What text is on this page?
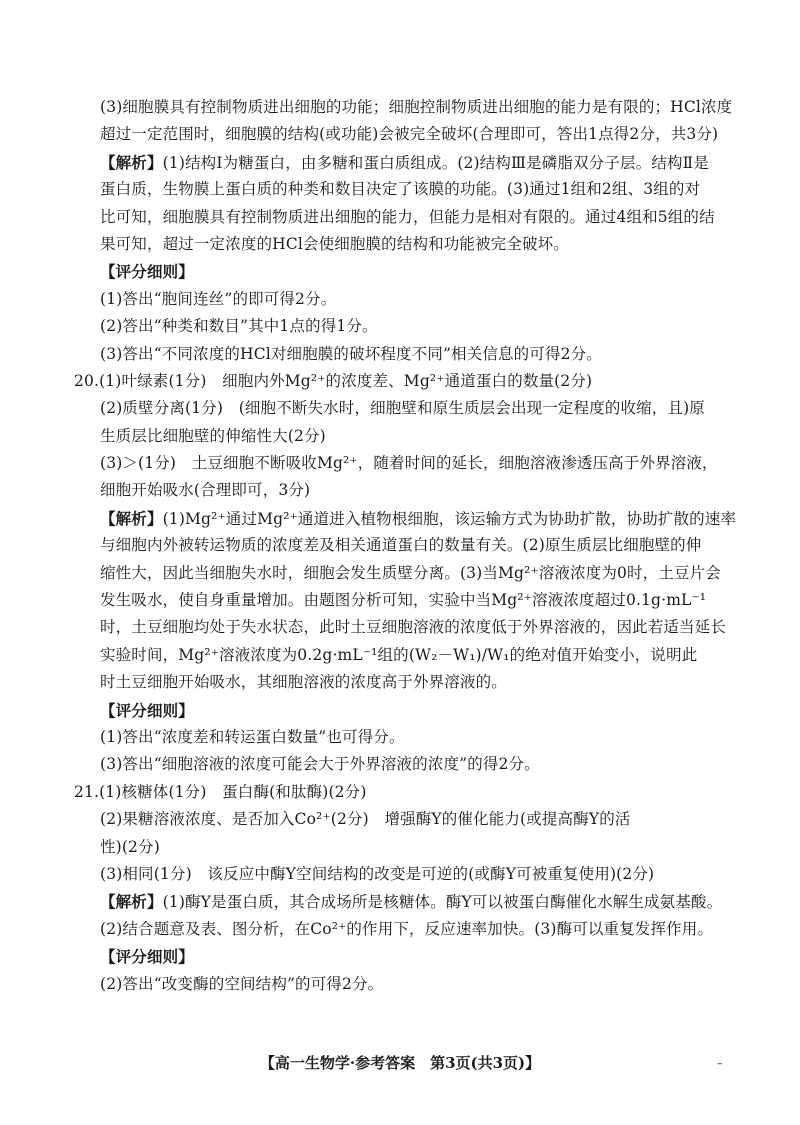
(3)细胞膜具有控制物质进出细胞的功能；细胞控制物质进出细胞的能力是有限的；HCl浓度
超过一定范围时，细胞膜的结构(或功能)会被完全破坏(合理即可，答出1点得2分，共3分)
【解析】(1)结构Ⅰ为糖蛋白，由多糖和蛋白质组成。(2)结构Ⅲ是磷脂双分子层。结构Ⅱ是
蛋白质，生物膜上蛋白质的种类和数目决定了该膜的功能。(3)通过1组和2组、3组的对
比可知，细胞膜具有控制物质进出细胞的能力，但能力是相对有限的。通过4组和5组的结
果可知，超过一定浓度的HCl会使细胞膜的结构和功能被完全破坏。
【评分细则】
(1)答出“胞间连丝”的即可得2分。
(2)答出“种类和数目”其中1点的得1分。
(3)答出“不同浓度的HCl对细胞膜的破坏程度不同”相关信息的可得2分。
20.(1)叶绿素(1分)　细胞内外Mg²⁺的浓度差、Mg²⁺通道蛋白的数量(2分)
(2)质壁分离(1分)　(细胞不断失水时，细胞壁和原生质层会出现一定程度的收缩，且)原
生质层比细胞壁的伸缩性大(2分)
(3)＞(1分)　土豆细胞不断吸收Mg²⁺，随着时间的延长，细胞溶液渗透压高于外界溶液，
细胞开始吸水(合理即可，3分)
【解析】(1)Mg²⁺通过Mg²⁺通道进入植物根细胞，该运输方式为协助扩散，协助扩散的速率
与细胞内外被转运物质的浓度差及相关通道蛋白的数量有关。(2)原生质层比细胞壁的伸
缩性大，因此当细胞失水时，细胞会发生质壁分离。(3)当Mg²⁺溶液浓度为0时，土豆片会
发生吸水，使自身重量增加。由题图分析可知，实验中当Mg²⁺溶液浓度超过0.1g·mL⁻¹
时，土豆细胞均处于失水状态，此时土豆细胞溶液的浓度低于外界溶液的，因此若适当延长
实验时间，Mg²⁺溶液浓度为0.2g·mL⁻¹组的(W₂－W₁)/W₁的绝对值开始变小，说明此
时土豆细胞开始吸水，其细胞溶液的浓度高于外界溶液的。
【评分细则】
(1)答出“浓度差和转运蛋白数量”也可得分。
(3)答出“细胞溶液的浓度可能会大于外界溶液的浓度”的得2分。
21.(1)核糖体(1分)　蛋白酶(和肽酶)(2分)
(2)果糖溶液浓度、是否加入Co²⁺(2分)　增强酶Y的催化能力(或提高酶Y的活
性)(2分)
(3)相同(1分)　该反应中酶Y空间结构的改变是可逆的(或酶Y可被重复使用)(2分)
【解析】(1)酶Y是蛋白质，其合成场所是核糖体。酶Y可以被蛋白酶催化水解生成氨基酸。
(2)结合题意及表、图分析，在Co²⁺的作用下，反应速率加快。(3)酶可以重复发挥作用。
【评分细则】
(2)答出“改变酶的空间结构”的可得2分。
【高一生物学·参考答案　第3页(共3页)】	–
